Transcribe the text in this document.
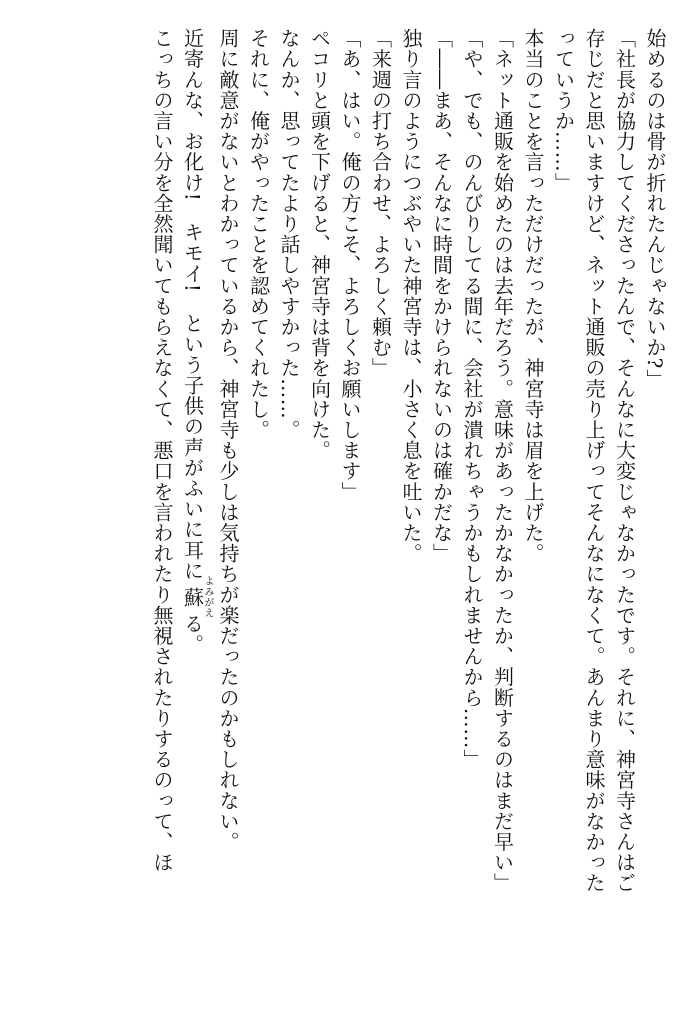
始めるのは骨が折れたんじゃないか?」

「社長が協力してくださったんで、そんなに大変じゃなかったです。それに、神宮寺さんはご

存じだと思いますけど、ネット通販の売り上げってそんなになくて。あんまり意味がなかった

っていうか……」

本当のことを言っただけだったが、神宮寺は眉を上げた。

「ネット通販を始めたのは去年だろう。意味があったかなかったか、判断するのはまだ早い」

「や、でも、のんびりしてる間に、会社が潰れちゃうかもしれませんから……」

「――まあ、そんなに時間をかけられないのは確かだな」

独り言のようにつぶやいた神宮寺は、小さく息を吐いた。

「来週の打ち合わせ、よろしく頼む」

「あ、はい。俺の方こそ、よろしくお願いします」

ペコリと頭を下げると、神宮寺は背を向けた。

なんか、思ってたより話しやすかった……。

それに、俺がやったことを認めてくれたし。

周に敵意がないとわかっているから、神宮寺も少しは気持ちが楽だったのかもしれない。

近寄んな、お化け!　キモイ!　という子供の声がふいに耳に蘇よみがえる。

こっちの言い分を全然聞いてもらえなくて、悪口を言われたり無視されたりするのって、ほ
